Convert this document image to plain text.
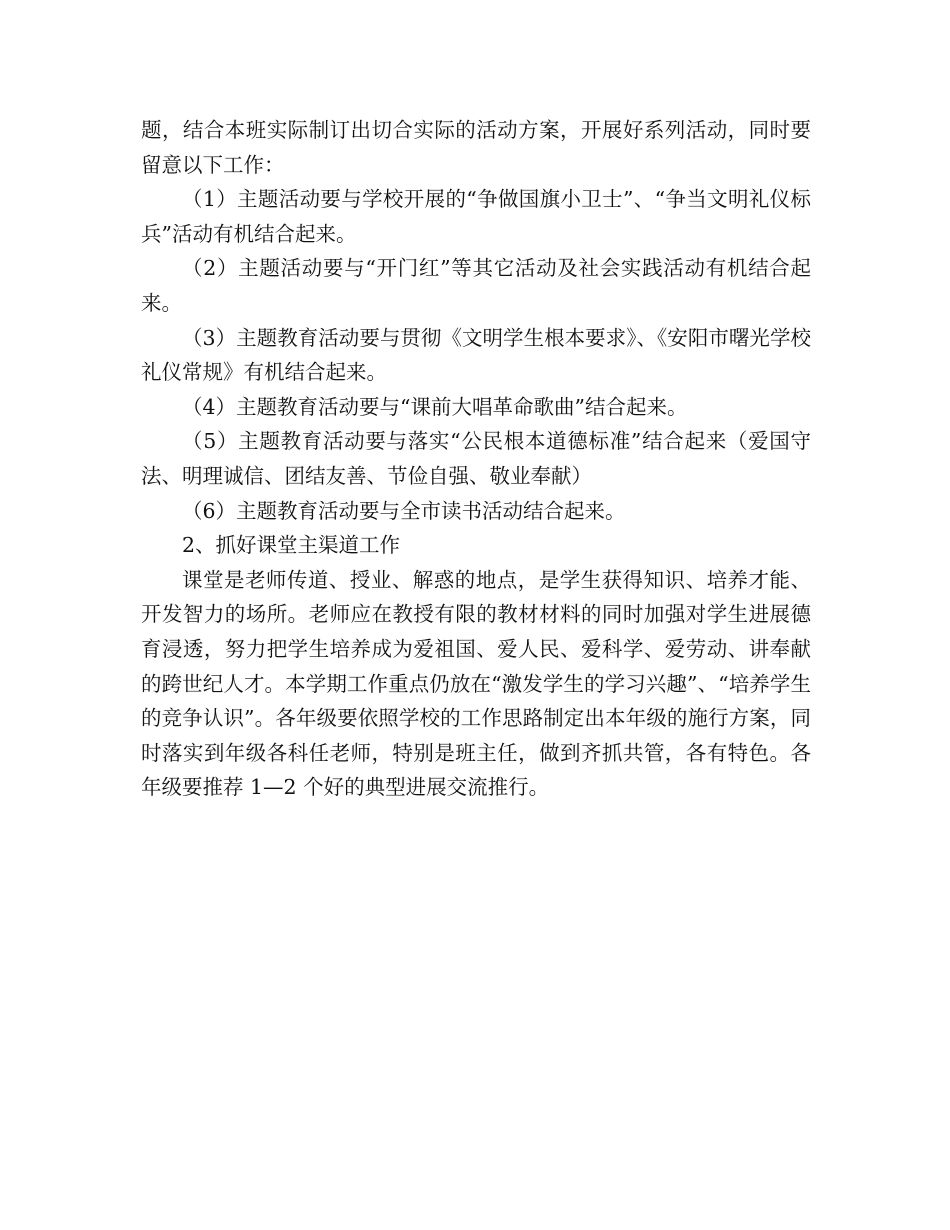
题，结合本班实际制订出切合实际的活动方案，开展好系列活动，同时要留意以下工作：

（1）主题活动要与学校开展的“争做国旗小卫士”、“争当文明礼仪标兵”活动有机结合起来。

（2）主题活动要与“开门红”等其它活动及社会实践活动有机结合起来。

（3）主题教育活动要与贯彻《文明学生根本要求》、《安阳市曙光学校礼仪常规》有机结合起来。

（4）主题教育活动要与“课前大唱革命歌曲”结合起来。

（5）主题教育活动要与落实“公民根本道德标准”结合起来（爱国守法、明理诚信、团结友善、节俭自强、敬业奉献）

（6）主题教育活动要与全市读书活动结合起来。

2、抓好课堂主渠道工作

课堂是老师传道、授业、解惑的地点，是学生获得知识、培养才能、开发智力的场所。老师应在教授有限的教材材料的同时加强对学生进展德育浸透，努力把学生培养成为爱祖国、爱人民、爱科学、爱劳动、讲奉献的跨世纪人才。本学期工作重点仍放在“激发学生的学习兴趣”、“培养学生的竞争认识”。各年级要依照学校的工作思路制定出本年级的施行方案，同时落实到年级各科任老师，特别是班主任，做到齐抓共管，各有特色。各年级要推荐 1—2 个好的典型进展交流推行。
